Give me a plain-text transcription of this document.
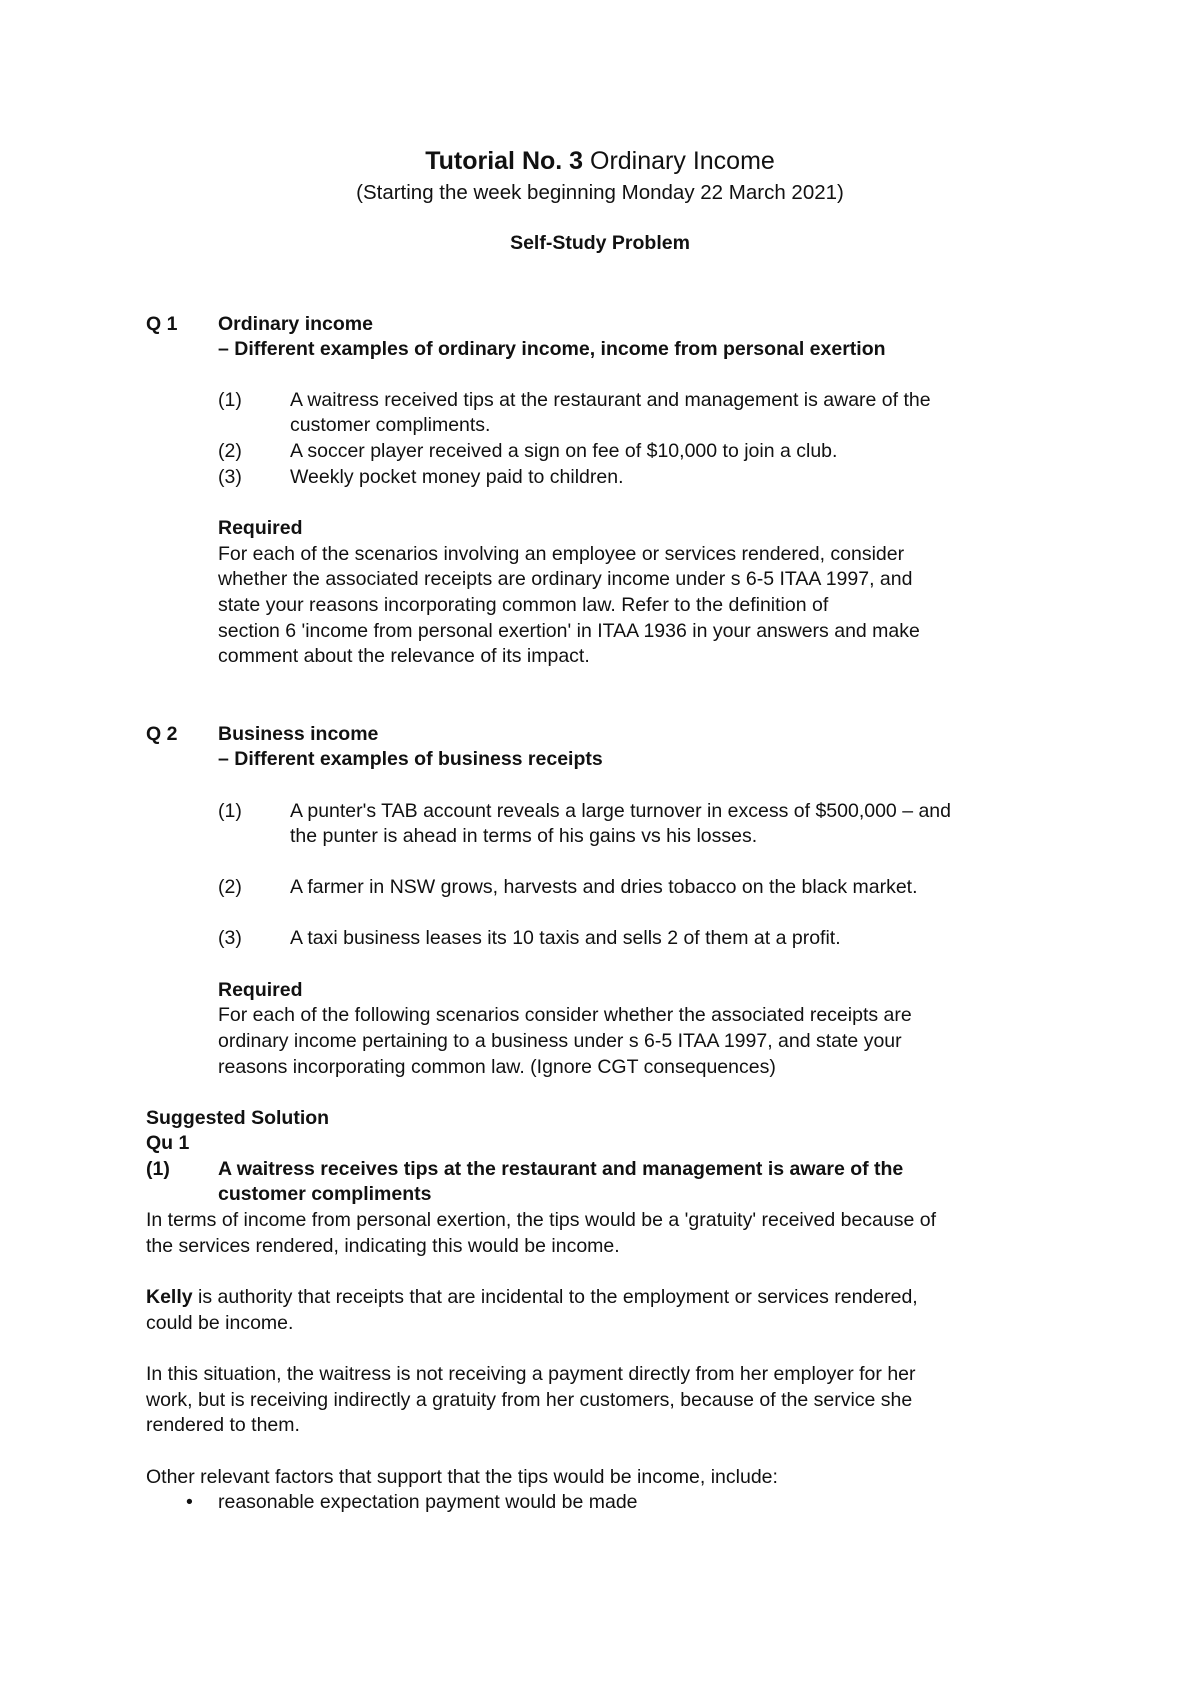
Tutorial No. 3 Ordinary Income
(Starting the week beginning Monday 22 March 2021)
Self-Study Problem
Q 1 Ordinary income
– Different examples of ordinary income, income from personal exertion
(1) A waitress received tips at the restaurant and management is aware of the
customer compliments.
(2) A soccer player received a sign on fee of $10,000 to join a club.
(3) Weekly pocket money paid to children.
Required
For each of the scenarios involving an employee or services rendered, consider
whether the associated receipts are ordinary income under s 6-5 ITAA 1997, and
state your reasons incorporating common law. Refer to the definition of
section 6 'income from personal exertion' in ITAA 1936 in your answers and make
comment about the relevance of its impact.
Q 2 Business income
– Different examples of business receipts
(1) A punter's TAB account reveals a large turnover in excess of $500,000 – and
the punter is ahead in terms of his gains vs his losses.
(2) A farmer in NSW grows, harvests and dries tobacco on the black market.
(3) A taxi business leases its 10 taxis and sells 2 of them at a profit.
Required
For each of the following scenarios consider whether the associated receipts are
ordinary income pertaining to a business under s 6-5 ITAA 1997, and state your
reasons incorporating common law. (Ignore CGT consequences)
Suggested Solution
Qu 1
(1) A waitress receives tips at the restaurant and management is aware of the
customer compliments
In terms of income from personal exertion, the tips would be a 'gratuity' received because of
the services rendered, indicating this would be income.
Kelly is authority that receipts that are incidental to the employment or services rendered,
could be income.
In this situation, the waitress is not receiving a payment directly from her employer for her
work, but is receiving indirectly a gratuity from her customers, because of the service she
rendered to them.
Other relevant factors that support that the tips would be income, include:
• reasonable expectation payment would be made
